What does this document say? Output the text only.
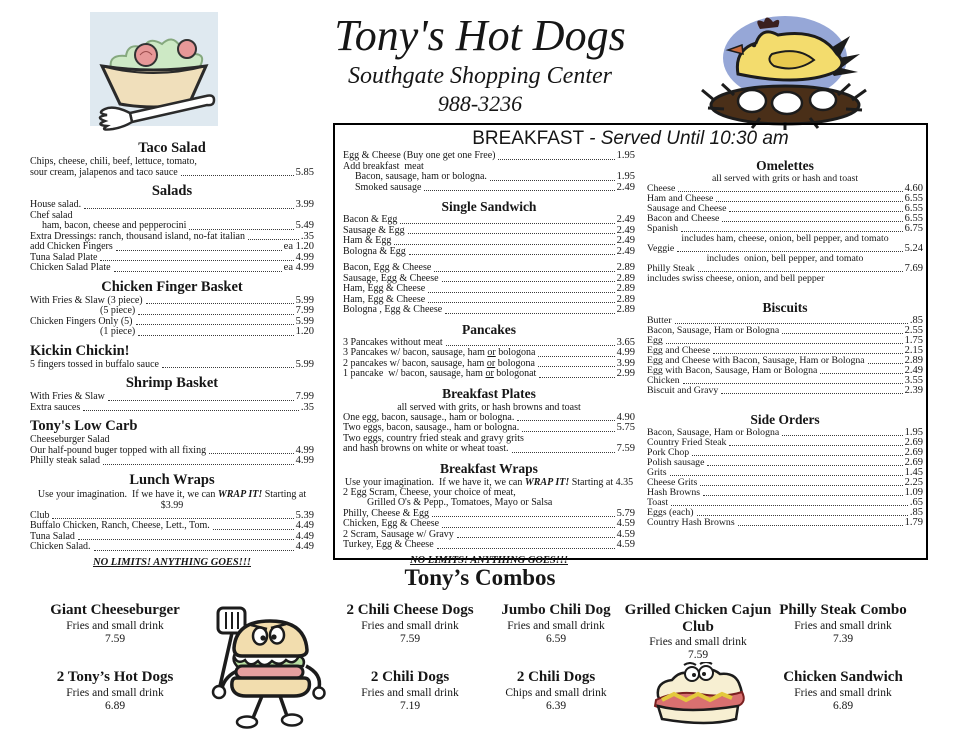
Tony's Hot Dogs
Southgate Shopping Center
988-3236
Taco Salad
Chips, cheese, chili, beef, lettuce, tomato,
sour cream, jalapenos and taco sauce	5.85
Salads
House salad.	3.99
Chef salad
ham, bacon, cheese and pepperocini	5.49
Extra Dressings: ranch, thousand island, no-fat italian	.35
add Chicken Fingers	ea 1.20
Tuna Salad Plate	4.99
Chicken Salad Plate	ea 4.99
Chicken Finger Basket
With Fries & Slaw (3 piece)	5.99
(5 piece)	7.99
Chicken Fingers Only (5)	5.99
(1 piece)	1.20
Kickin Chickin!
5 fingers tossed in buffalo sauce	5.99
Shrimp Basket
With Fries & Slaw	7.99
Extra sauces	.35
Tony's Low Carb
Cheeseburger Salad
Our half-pound buger topped with all fixing	4.99
Philly steak salad	4.99
Lunch Wraps
Use your imagination.  If we have it, we can WRAP IT! Starting at $3.99
Club	5.39
Buffalo Chicken, Ranch, Cheese, Lett., Tom.	4.49
Tuna Salad	4.49
Chicken Salad.	4.49
NO LIMITS! ANYTHING GOES!!!
BREAKFAST - Served Until 10:30 am
Egg & Cheese (Buy one get one Free)	1.95
Add breakfast  meat
Bacon, sausage, ham or bologna.	1.95
Smoked sausage	2.49
Single Sandwich
Bacon & Egg	2.49
Sausage & Egg	2.49
Ham & Egg	2.49
Bologna & Egg	2.49
Bacon, Egg & Cheese	2.89
Sausage, Egg & Cheese	2.89
Ham, Egg & Cheese	2.89
Ham, Egg & Cheese	2.89
Bologna , Egg & Cheese	2.89
Pancakes
3 Pancakes without meat	3.65
3 Pancakes w/ bacon, sausage, ham or bologona	4.99
2 pancakes w/ bacon, sausage, ham or bologona	3.99
1 pancake  w/ bacon, sausage, ham or bologonat	2.99
Breakfast Plates
all served with grits, or hash browns and toast
One egg, bacon, sausage., ham or bologna.	4.90
Two eggs, bacon, sausage., ham or bologna.	5.75
Two eggs, country fried steak and gravy grits
and hash browns on white or wheat toast.	7.59
Breakfast Wraps
Use your imagination.  If we have it, we can WRAP IT! Starting at 4.35
2 Egg Scram, Cheese, your choice of meat,
Grilled O's & Pepp., Tomatoes, Mayo or Salsa
Philly, Cheese & Egg	5.79
Chicken, Egg & Cheese	4.59
2 Scram, Sausage w/ Gravy	4.59
Turkey, Egg & Cheese	4.59
NO LIMITS! ANYTHING GOES!!!
Omelettes
all served with grits or hash and toast
Cheese	4.60
Ham and Cheese	6.55
Sausage and Cheese	6.55
Bacon and Cheese	6.55
Spanish	6.75
includes ham, cheese, onion, bell pepper, and tomato
Veggie	5.24
includes  onion, bell pepper, and tomato
Philly Steak	7.69
includes swiss cheese, onion, and bell pepper
Biscuits
Butter	.85
Bacon, Sausage, Ham or Bologna	2.55
Egg	1.75
Egg and Cheese	2.15
Egg and Cheese with Bacon, Sausage, Ham or Bologna	2.89
Egg with Bacon, Sausage, Ham or Bologna	2.49
Chicken	3.55
Biscuit and Gravy	2.39
Side Orders
Bacon, Sausage, Ham or Bologna	1.95
Country Fried Steak	2.69
Pork Chop	2.69
Polish sausage	2.69
Grits	1.45
Cheese Grits	2.25
Hash Browns	1.09
Toast	.65
Eggs (each)	.85
Country Hash Browns	1.79
Tony’s Combos
Giant Cheeseburger
Fries and small drink
7.59
2 Chili Cheese Dogs
Fries and small drink
7.59
Jumbo Chili Dog
Fries and small drink
6.59
Grilled Chicken Cajun Club
Fries and small drink
7.59
Philly Steak Combo
Fries and small drink
7.39
2 Tony’s Hot Dogs
Fries and small drink
6.89
2 Chili Dogs
Fries and small drink
7.19
2 Chili Dogs
Chips and small drink
6.39
Chicken Sandwich
Fries and small drink
6.89
